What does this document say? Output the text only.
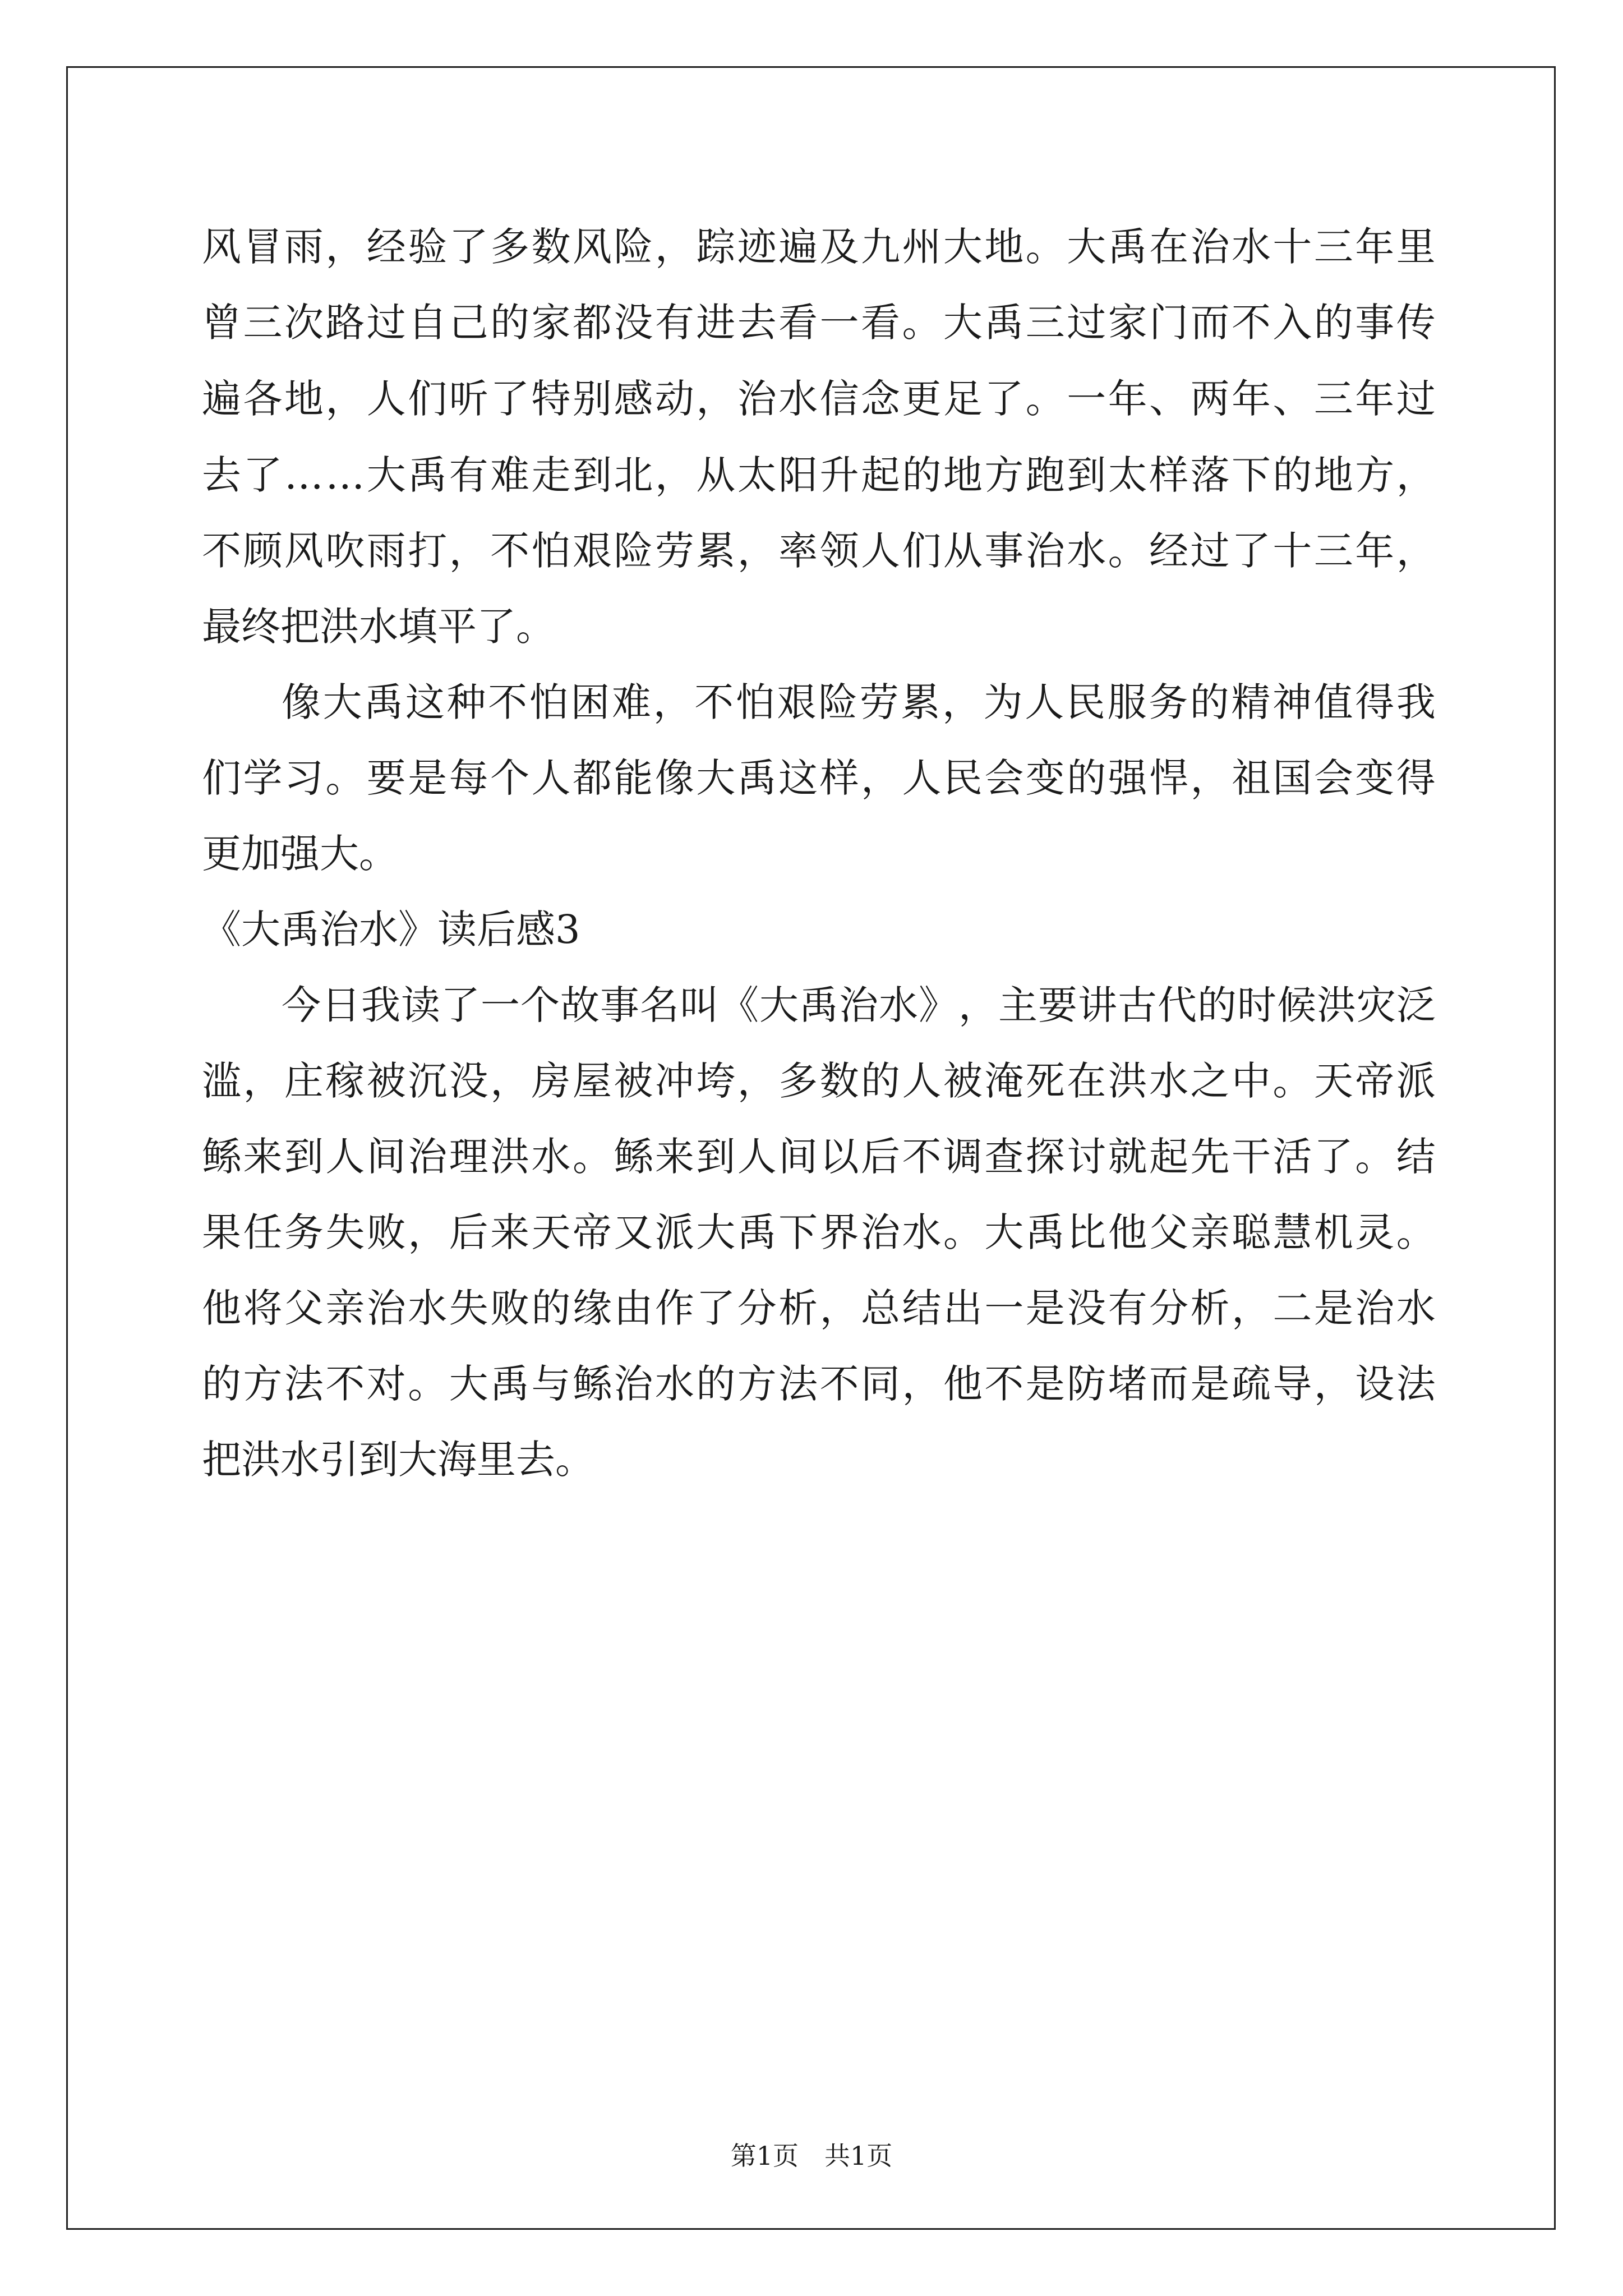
风 冒 雨 ， 经 验 了 多 数 风 险 ， 踪 迹 遍 及 九 州 大 地 。 大 禹 在 治 水 十 三 年 里
曾 三 次 路 过 自 己 的 家 都 没 有 进 去 看 一 看 。 大 禹 三 过 家 门 而 不 入 的 事 传
遍 各 地 ， 人 们 听 了 特 别 感 动 ， 治 水 信 念 更 足 了 。 一 年 、 两 年 、 三 年 过
去 了 … … 大 禹 有 难 走 到 北 ， 从 太 阳 升 起 的 地 方 跑 到 太 样 落 下 的 地 方 ，
不 顾 风 吹 雨 打 ， 不 怕 艰 险 劳 累 ， 率 领 人 们 从 事 治 水 。 经 过 了 十 三 年 ，
最终把洪水填平了。
像 大 禹 这 种 不 怕 困 难 ， 不 怕 艰 险 劳 累 ， 为 人 民 服 务 的 精 神 值 得 我
们 学 习 。 要 是 每 个 人 都 能 像 大 禹 这 样 ， 人 民 会 变 的 强 悍 ， 祖 国 会 变 得
更加强大。
《大禹治水》读后感3
今 日 我 读 了 一 个 故 事 名 叫 《 大 禹 治 水 》 ， 主 要 讲 古 代 的 时 候 洪 灾 泛
滥 ， 庄 稼 被 沉 没 ， 房 屋 被 冲 垮 ， 多 数 的 人 被 淹 死 在 洪 水 之 中 。 天 帝 派
鲧 来 到 人 间 治 理 洪 水 。 鲧 来 到 人 间 以 后 不 调 查 探 讨 就 起 先 干 活 了 。 结
果 任 务 失 败 ， 后 来 天 帝 又 派 大 禹 下 界 治 水 。 大 禹 比 他 父 亲 聪 慧 机 灵 。
他 将 父 亲 治 水 失 败 的 缘 由 作 了 分 析 ， 总 结 出 一 是 没 有 分 析 ， 二 是 治 水
的 方 法 不 对 。 大 禹 与 鲧 治 水 的 方 法 不 同 ， 他 不 是 防 堵 而 是 疏 导 ， 设 法
把洪水引到大海里去。
第1页　共1页
